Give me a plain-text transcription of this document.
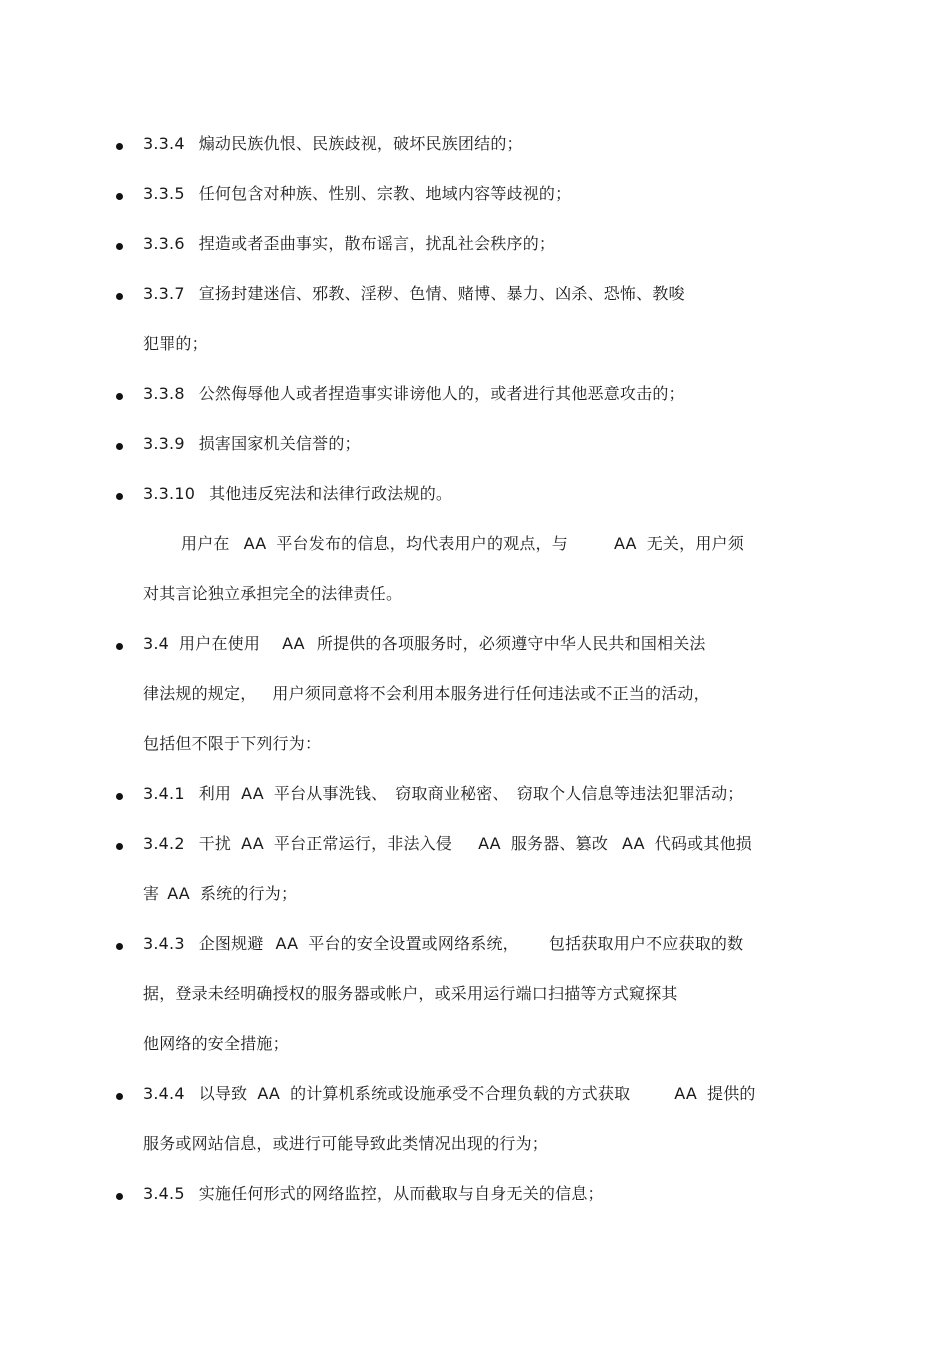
3.3.4 煽动民族仇恨、民族歧视，破坏民族团结的；
3.3.5 任何包含对种族、性别、宗教、地域内容等歧视的；
3.3.6 捏造或者歪曲事实，散布谣言，扰乱社会秩序的；
3.3.7 宣扬封建迷信、邪教、淫秽、色情、赌博、暴力、凶杀、恐怖、教唆
犯罪的；
3.3.8 公然侮辱他人或者捏造事实诽谤他人的，或者进行其他恶意攻击的；
3.3.9 损害国家机关信誉的；
3.3.10 其他违反宪法和法律行政法规的。
用户在 AA 平台发布的信息，均代表用户的观点，与	AA 无关，用户须
对其言论独立承担完全的法律责任。
3.4 用户在使用 AA 所提供的各项服务时，必须遵守中华人民共和国相关法
律法规的规定， 用户须同意将不会利用本服务进行任何违法或不正当的活动，
包括但不限于下列行为：
3.4.1 利用 AA 平台从事洗钱、 窃取商业秘密、 窃取个人信息等违法犯罪活动；
3.4.2 干扰 AA 平台正常运行，非法入侵 AA 服务器、篡改 AA 代码或其他损
害 AA 系统的行为；
3.4.3 企图规避 AA 平台的安全设置或网络系统， 包括获取用户不应获取的数
据，登录未经明确授权的服务器或帐户，或采用运行端口扫描等方式窥探其
他网络的安全措施；
3.4.4 以导致 AA 的计算机系统或设施承受不合理负载的方式获取	AA 提供的
服务或网站信息，或进行可能导致此类情况出现的行为；
3.4.5 实施任何形式的网络监控，从而截取与自身无关的信息；
